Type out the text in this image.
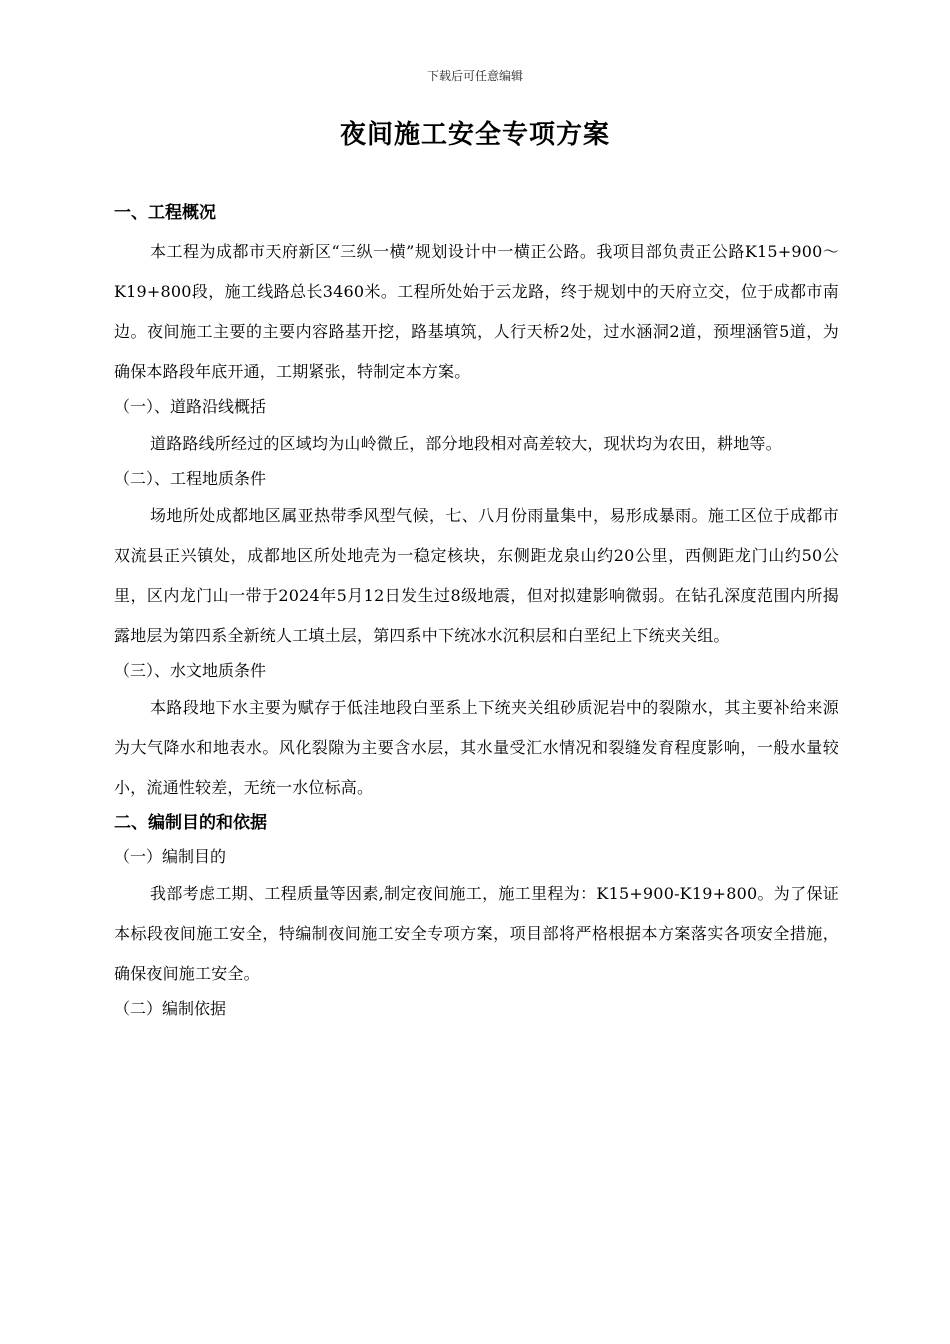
下载后可任意编辑
夜间施工安全专项方案
一、工程概况
本工程为成都市天府新区“三纵一横”规划设计中一横正公路。我项目部负责正公路K15+900～K19+800段，施工线路总长3460米。工程所处始于云龙路，终于规划中的天府立交，位于成都市南边。夜间施工主要的主要内容路基开挖，路基填筑，人行天桥2处，过水涵洞2道，预埋涵管5道，为确保本路段年底开通，工期紧张，特制定本方案。
（一）、道路沿线概括
道路路线所经过的区域均为山岭微丘，部分地段相对高差较大，现状均为农田，耕地等。
（二）、工程地质条件
场地所处成都地区属亚热带季风型气候，七、八月份雨量集中，易形成暴雨。施工区位于成都市双流县正兴镇处，成都地区所处地壳为一稳定核块，东侧距龙泉山约20公里，西侧距龙门山约50公里，区内龙门山一带于2024年5月12日发生过8级地震，但对拟建影响微弱。在钻孔深度范围内所揭露地层为第四系全新统人工填土层，第四系中下统冰水沉积层和白垩纪上下统夹关组。
（三）、水文地质条件
本路段地下水主要为赋存于低洼地段白垩系上下统夹关组砂质泥岩中的裂隙水，其主要补给来源为大气降水和地表水。风化裂隙为主要含水层，其水量受汇水情况和裂缝发育程度影响，一般水量较小，流通性较差，无统一水位标高。
二、编制目的和依据
（一）编制目的
我部考虑工期、工程质量等因素,制定夜间施工，施工里程为：K15+900-K19+800。为了保证本标段夜间施工安全，特编制夜间施工安全专项方案，项目部将严格根据本方案落实各项安全措施，确保夜间施工安全。
（二）编制依据
